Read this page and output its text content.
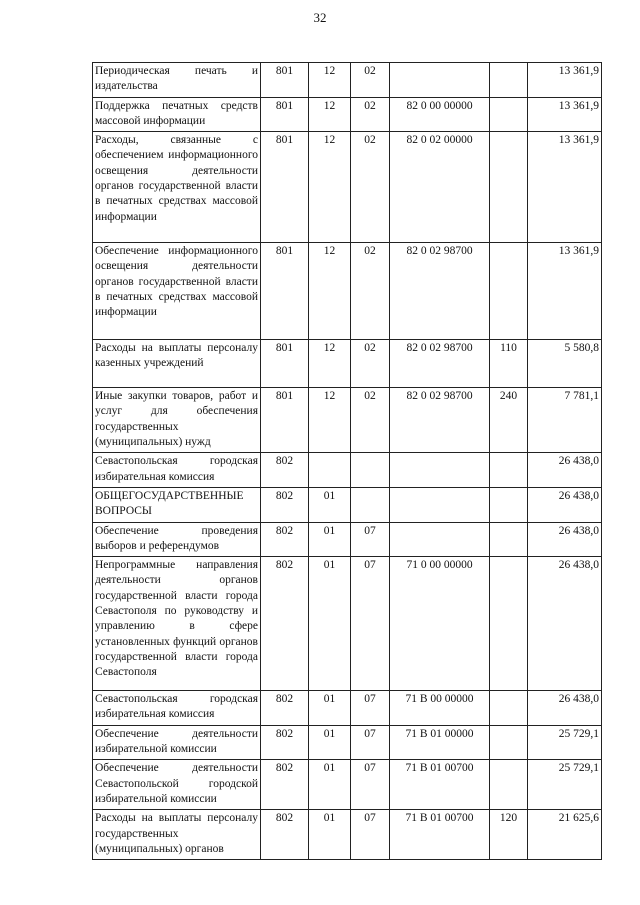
32
Периодическая печать и издательства	801	12	02			13 361,9
Поддержка печатных средств массовой информации	801	12	02	82 0 00 00000		13 361,9
Расходы, связанные с обеспечением информационного освещения деятельности органов государственной власти в печатных средствах массовой информации	801	12	02	82 0 02 00000		13 361,9
Обеспечение информационного освещения деятельности органов государственной власти в печатных средствах массовой информации	801	12	02	82 0 02 98700		13 361,9
Расходы на выплаты персоналу казенных учреждений	801	12	02	82 0 02 98700	110	5 580,8
Иные закупки товаров, работ и услуг для обеспечения государственных (муниципальных) нужд	801	12	02	82 0 02 98700	240	7 781,1
Севастопольская городская избирательная комиссия	802					26 438,0
ОБЩЕГОСУДАРСТВЕННЫЕ ВОПРОСЫ	802	01				26 438,0
Обеспечение проведения выборов и референдумов	802	01	07			26 438,0
Непрограммные направления деятельности органов государственной власти города Севастополя по руководству и управлению в сфере установленных функций органов государственной власти города Севастополя	802	01	07	71 0 00 00000		26 438,0
Севастопольская городская избирательная комиссия	802	01	07	71 В 00 00000		26 438,0
Обеспечение деятельности избирательной комиссии	802	01	07	71 В 01 00000		25 729,1
Обеспечение деятельности Севастопольской городской избирательной комиссии	802	01	07	71 В 01 00700		25 729,1
Расходы на выплаты персоналу государственных (муниципальных) органов	802	01	07	71 В 01 00700	120	21 625,6
